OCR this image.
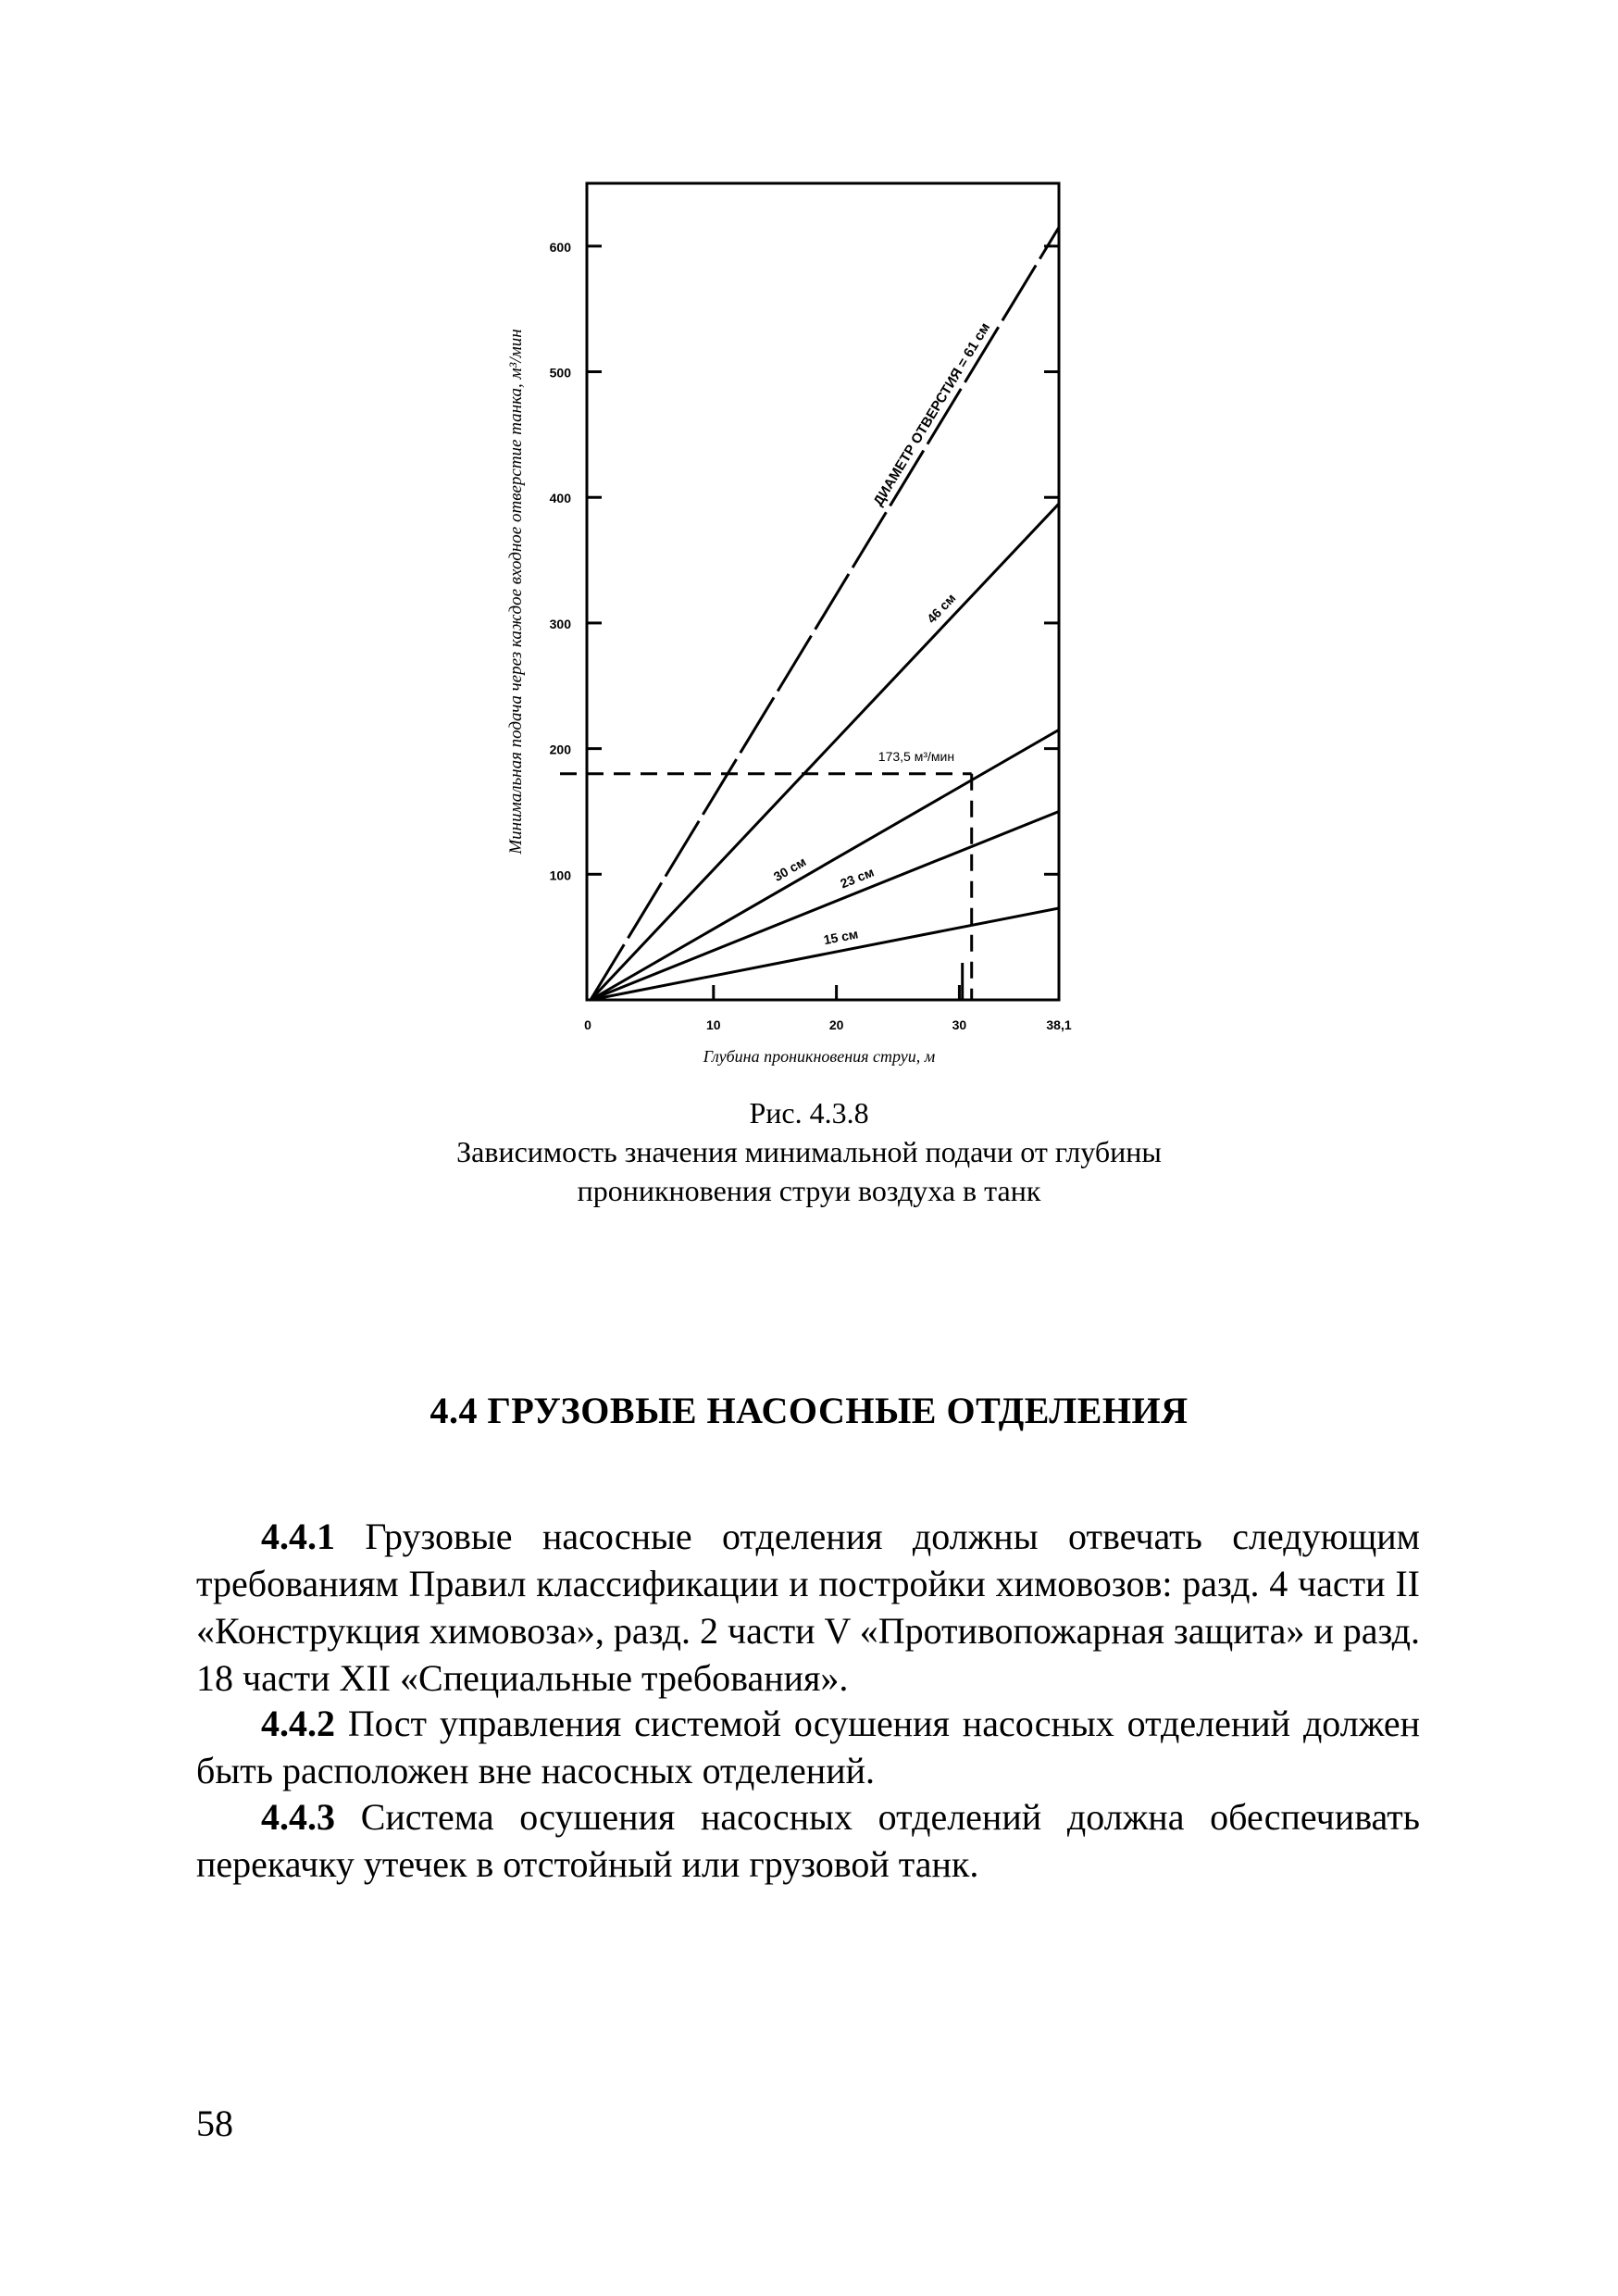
100
200
300
400
500
600
0	10	20	30	38,1
ДИАМЕТР ОТВЕРСТИЯ = 61 см
46 см
30 см 23 см
15 см
173,5 м³/мин
Минимальная подача через каждое входное отверстие танка, м³/мин
Глубина проникновения струи, м
Рис. 4.3.8
Зависимость значения минимальной подачи от глубины
проникновения струи воздуха в танк
4.4 ГРУЗОВЫЕ НАСОСНЫЕ ОТДЕЛЕНИЯ

4.4.1 Грузовые насосные отделения должны отвечать следующим требованиям Правил классификации и постройки химовозов: разд. 4 части II «Конструкция химовоза», разд. 2 части V «Противопожарная защита» и разд. 18 части XII «Специальные требования».

4.4.2 Пост управления системой осушения насосных отделений должен быть расположен вне насосных отделений.

4.4.3 Система осушения насосных отделений должна обеспечивать перекачку утечек в отстойный или грузовой танк.

58
